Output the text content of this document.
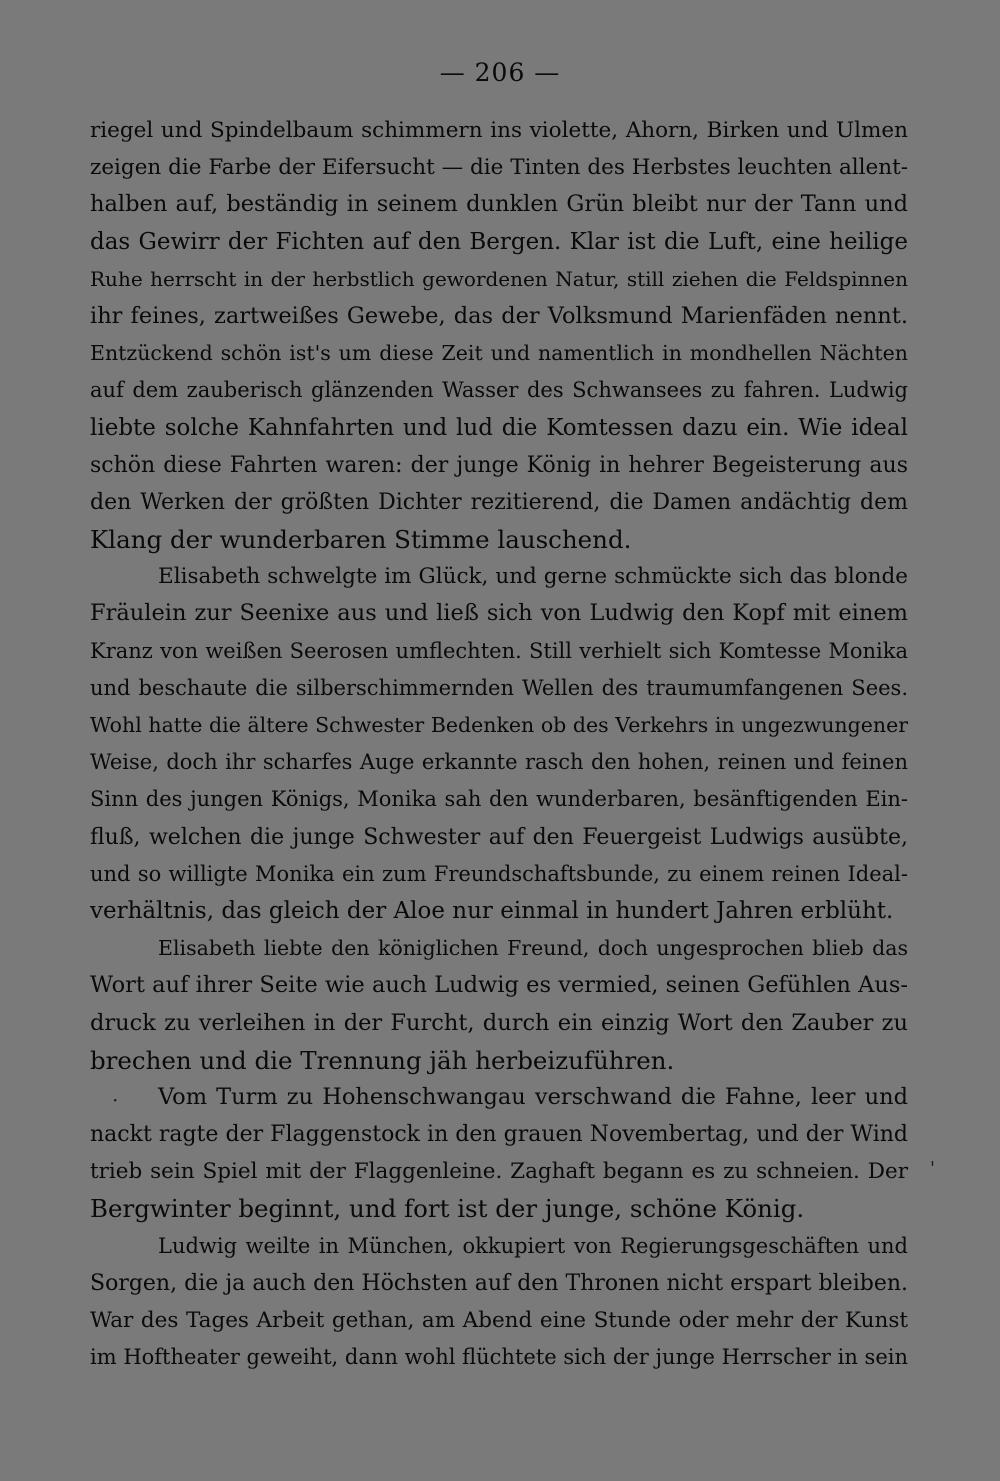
— 206 —
riegel und Spindelbaum schimmern ins violette, Ahorn, Birken und Ulmen
zeigen die Farbe der Eifersucht — die Tinten des Herbstes leuchten allent-
halben auf, beständig in seinem dunklen Grün bleibt nur der Tann und
das Gewirr der Fichten auf den Bergen. Klar ist die Luft, eine heilige
Ruhe herrscht in der herbstlich gewordenen Natur, still ziehen die Feldspinnen
ihr feines, zartweißes Gewebe, das der Volksmund Marienfäden nennt.
Entzückend schön ist's um diese Zeit und namentlich in mondhellen Nächten
auf dem zauberisch glänzenden Wasser des Schwansees zu fahren. Ludwig
liebte solche Kahnfahrten und lud die Komtessen dazu ein. Wie ideal
schön diese Fahrten waren: der junge König in hehrer Begeisterung aus
den Werken der größten Dichter rezitierend, die Damen andächtig dem
Klang der wunderbaren Stimme lauschend.
Elisabeth schwelgte im Glück, und gerne schmückte sich das blonde
Fräulein zur Seenixe aus und ließ sich von Ludwig den Kopf mit einem
Kranz von weißen Seerosen umflechten. Still verhielt sich Komtesse Monika
und beschaute die silberschimmernden Wellen des traumumfangenen Sees.
Wohl hatte die ältere Schwester Bedenken ob des Verkehrs in ungezwungener
Weise, doch ihr scharfes Auge erkannte rasch den hohen, reinen und feinen
Sinn des jungen Königs, Monika sah den wunderbaren, besänftigenden Ein-
fluß, welchen die junge Schwester auf den Feuergeist Ludwigs ausübte,
und so willigte Monika ein zum Freundschaftsbunde, zu einem reinen Ideal-
verhältnis, das gleich der Aloe nur einmal in hundert Jahren erblüht.
Elisabeth liebte den königlichen Freund, doch ungesprochen blieb das
Wort auf ihrer Seite wie auch Ludwig es vermied, seinen Gefühlen Aus-
druck zu verleihen in der Furcht, durch ein einzig Wort den Zauber zu
brechen und die Trennung jäh herbeizuführen.
Vom Turm zu Hohenschwangau verschwand die Fahne, leer und
nackt ragte der Flaggenstock in den grauen Novembertag, und der Wind
trieb sein Spiel mit der Flaggenleine. Zaghaft begann es zu schneien. Der
Bergwinter beginnt, und fort ist der junge, schöne König.
Ludwig weilte in München, okkupiert von Regierungsgeschäften und
Sorgen, die ja auch den Höchsten auf den Thronen nicht erspart bleiben.
War des Tages Arbeit gethan, am Abend eine Stunde oder mehr der Kunst
im Hoftheater geweiht, dann wohl flüchtete sich der junge Herrscher in sein
·
'
